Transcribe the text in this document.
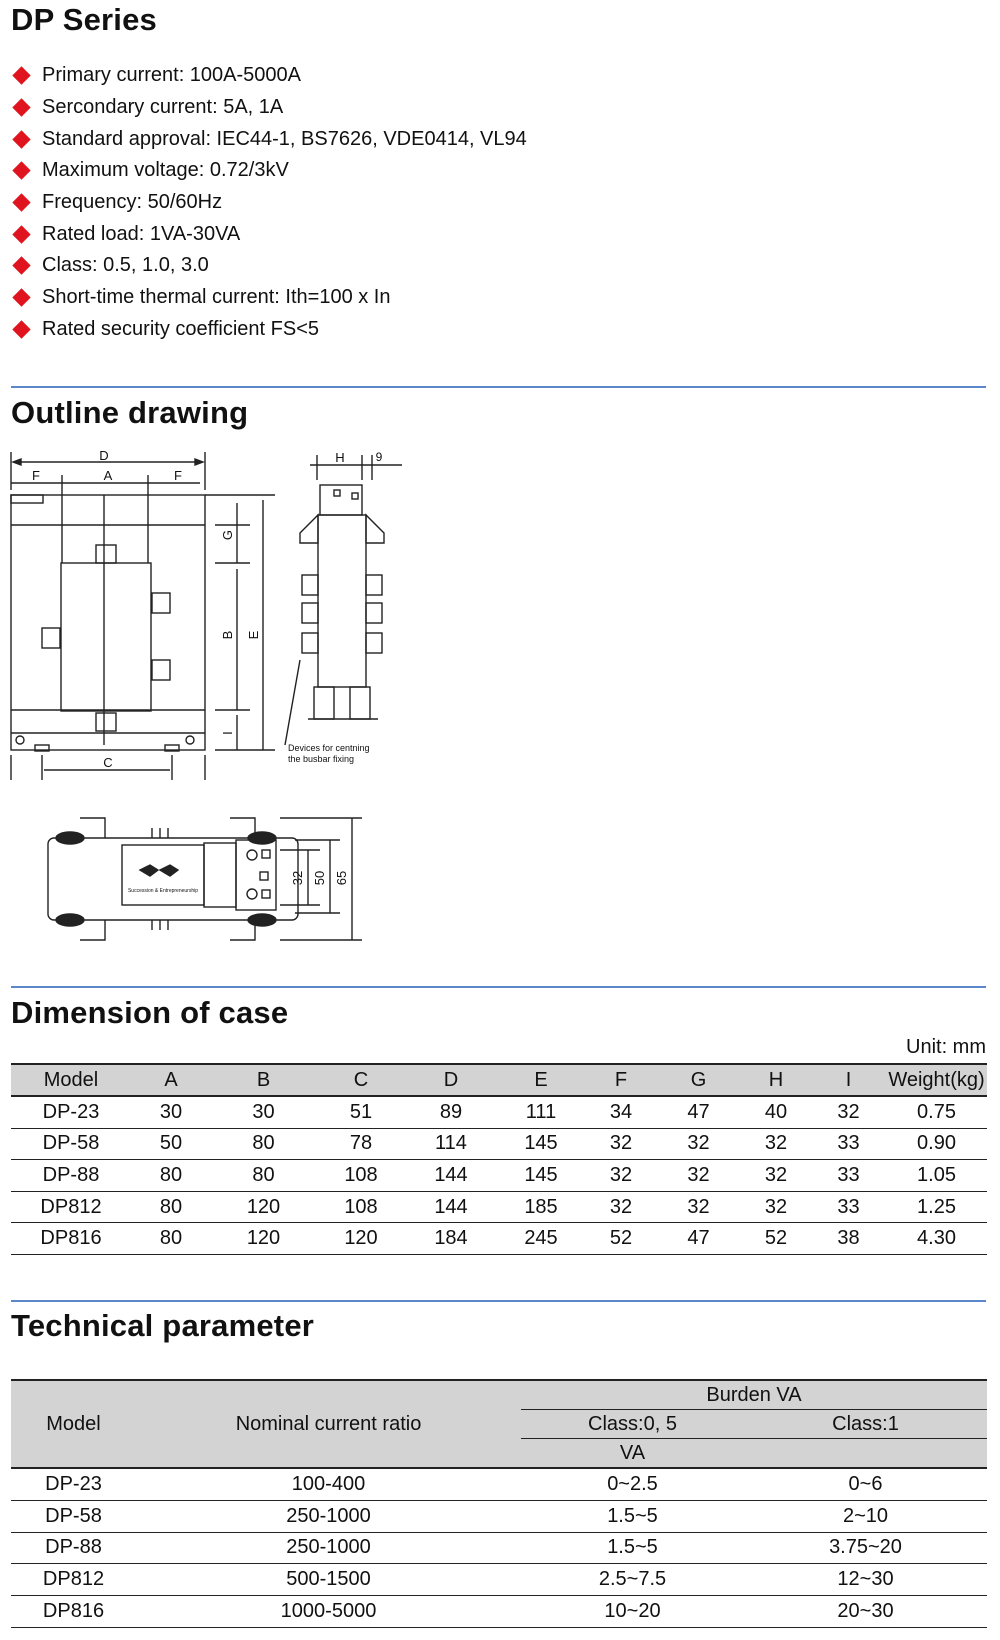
DP Series
Primary current: 100A-5000A
Sercondary current: 5A, 1A
Standard approval: IEC44-1, BS7626, VDE0414, VL94
Maximum voltage: 0.72/3kV
Frequency: 50/60Hz
Rated load: 1VA-30VA
Class: 0.5, 1.0, 3.0
Short-time thermal current: Ith=100 x In
Rated security coefficient FS<5
Outline drawing
D
F	A	F
G
B E
I
C
H	9
Devices for centning
the busbar fixing
Succession & Entrepreneurship
32 50 65
Dimension of case
Unit: mm
Model	A	B	C	D	E	F	G	H	I	Weight(kg)
DP-23	30	30	51	89	111	34	47	40	32	0.75
DP-58	50	80	78	114	145	32	32	32	33	0.90
DP-88	80	80	108	144	145	32	32	32	33	1.05
DP812	80	120	108	144	185	32	32	32	33	1.25
DP816	80	120	120	184	245	52	47	52	38	4.30
Technical parameter
Model	Nominal current ratio	Burden VA	
		Class:0, 5	Class:1
		VA	
DP-23	100-400	0~2.5	0~6
DP-58	250-1000	1.5~5	2~10
DP-88	250-1000	1.5~5	3.75~20
DP812	500-1500	2.5~7.5	12~30
DP816	1000-5000	10~20	20~30
